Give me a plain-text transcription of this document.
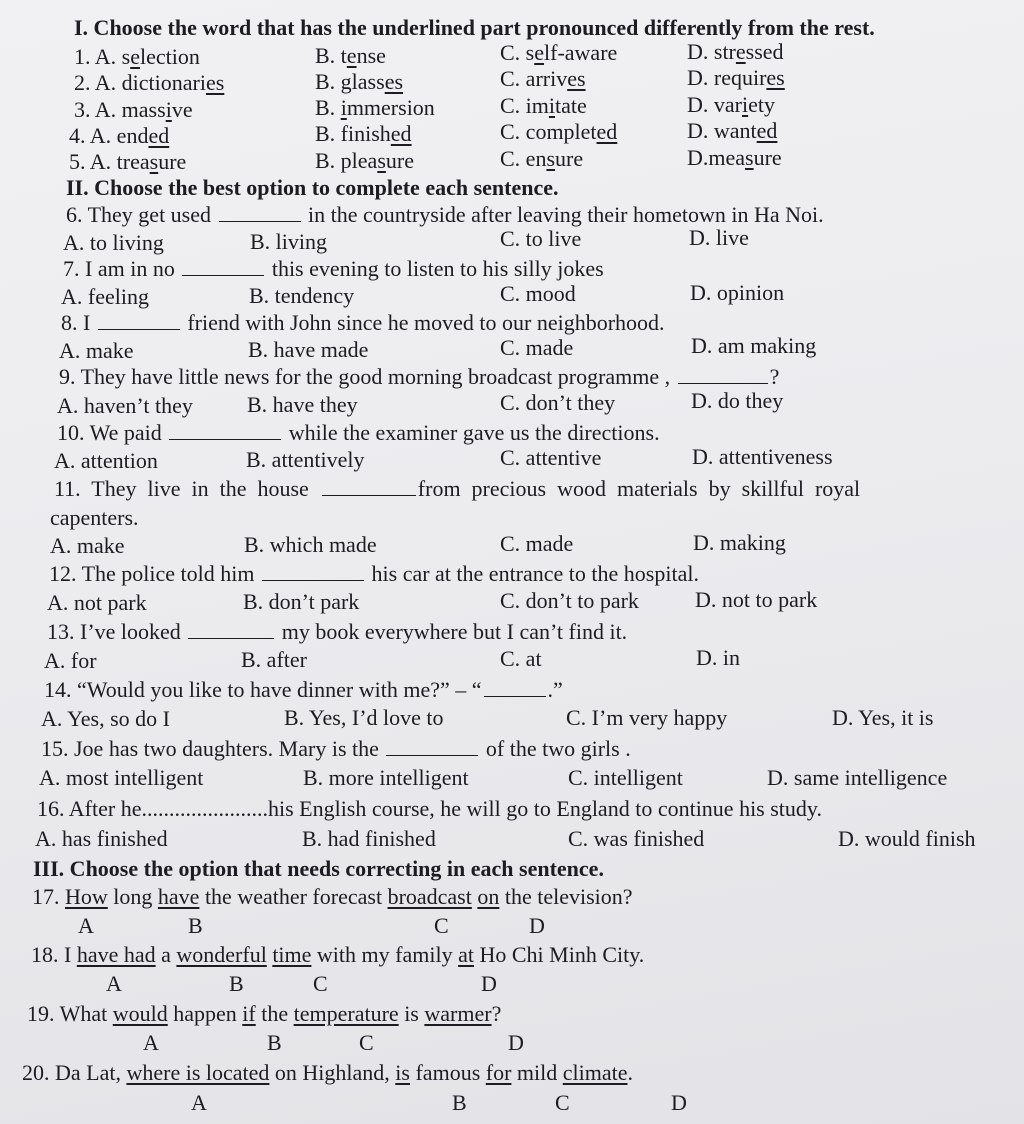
I. Choose the word that has the underlined part pronounced differently from the rest.
1. A. selection	B. tense	C. self-aware	D. stressed
2. A. dictionaries	B. glasses	C. arrives	D. requires
3. A. massive	B. immersion	C. imitate	D. variety
4. A. ended	B. finished	C. completed	D. wanted
5. A. treasure	B. pleasure	C. ensure	D.measure
II. Choose the best option to complete each sentence.
6. They get used	in the countryside after leaving their hometown in Ha Noi.
A. to living	B. living	C. to live	D. live
7. I am in no	this evening to listen to his silly jokes
A. feeling	B. tendency	C. mood	D. opinion
8. I	friend with John since he moved to our neighborhood.
A. make	B. have made	C. made	D. am making
9. They have little news for the good morning broadcast programme ,	?
A. haven’t they B. have they	C. don’t they	D. do they
10. We paid	while the examiner gave us the directions.
A. attention	B. attentively	C. attentive	D. attentiveness
11.  They  live  in  the  house	from  precious  wood  materials  by  skillful  royal
capenters.
A. make	B. which made	C. made	D. making
12. The police told him	his car at the entrance to the hospital.
A. not park	B. don’t park	C. don’t to park	D. not to park
13. I’ve looked	my book everywhere but I can’t find it.
A. for	B. after	C. at	D. in
14. “Would you like to have dinner with me?” – “	.”
A. Yes, so do I	B. Yes, I’d love to	C. I’m very happy	D. Yes, it is
15. Joe has two daughters. Mary is the	of the two girls .
A. most intelligent	B. more intelligent	C. intelligent	D. same intelligence
16. After he.......................his English course, he will go to England to continue his study.
A. has finished	B. had finished	C. was finished	D. would finish
III. Choose the option that needs correcting in each sentence.
17. How long have the weather forecast broadcast on the television?
A	B	C	D
18. I have had a wonderful time with my family at Ho Chi Minh City.
A	B	C	D
19. What would happen if the temperature is warmer?
A	B	C	D
20. Da Lat, where is located on Highland, is famous for mild climate.
A	B	C	D
